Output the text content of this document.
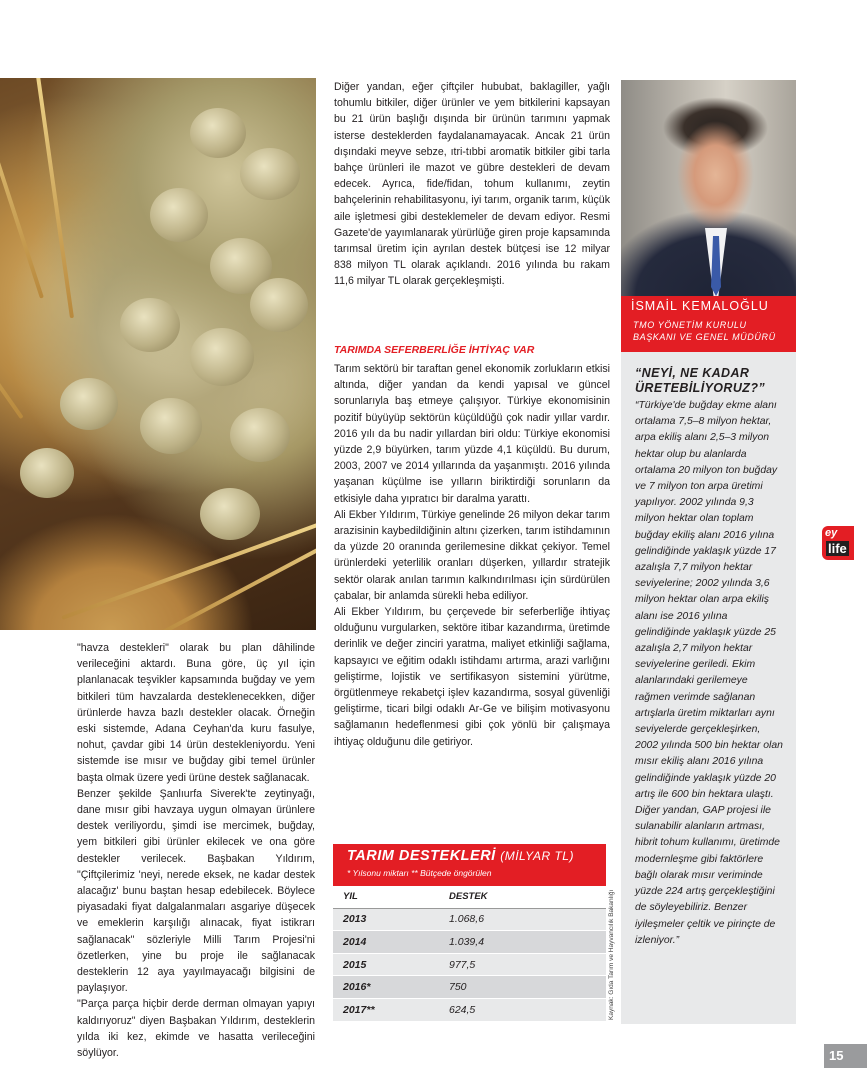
"havza destekleri" olarak bu plan dâhilinde verileceğini aktardı. Buna göre, üç yıl için planlanacak teşvikler kapsamında buğday ve yem bitkileri tüm havzalarda desteklenecekken, diğer ürünlerde havza bazlı destekler olacak. Örneğin eski sistemde, Adana Ceyhan'da kuru fasulye, nohut, çavdar gibi 14 ürün destekleniyordu. Yeni sistemde ise mısır ve buğday gibi temel ürünler başta olmak üzere yedi ürüne destek sağlanacak.

Benzer şekilde Şanlıurfa Siverek'te zeytinyağı, dane mısır gibi havzaya uygun olmayan ürünlere destek veriliyordu, şimdi ise mercimek, buğday, yem bitkileri gibi ürünler ekilecek ve ona göre destekler verilecek. Başbakan Yıldırım, "Çiftçilerimiz 'neyi, nerede eksek, ne kadar destek alacağız' bunu baştan hesap edebilecek. Böylece piyasadaki fiyat dalgalanmaları asgariye düşecek ve emeklerin karşılığı alınacak, fiyat istikrarı sağlanacak" sözleriyle Milli Tarım Projesi'ni özetlerken, yine bu proje ile sağlanacak desteklerin 12 aya yayılmayacağı bilgisini de paylaşıyor.

"Parça parça hiçbir derde derman olmayan yapıyı kaldırıyoruz" diyen Başbakan Yıldırım, desteklerin yılda iki kez, ekimde ve hasatta verileceğini söylüyor.

Diğer yandan, eğer çiftçiler hububat, baklagiller, yağlı tohumlu bitkiler, diğer ürünler ve yem bitkilerini kapsayan bu 21 ürün başlığı dışında bir ürünün tarımını yapmak isterse desteklerden faydalanamayacak. Ancak 21 ürün dışındaki meyve sebze, ıtri-tıbbi aromatik bitkiler gibi tarla bahçe ürünleri ile mazot ve gübre destekleri de devam edecek. Ayrıca, fide/fidan, tohum kullanımı, zeytin bahçelerinin rehabilitasyonu, iyi tarım, organik tarım, küçük aile işletmesi gibi desteklemeler de devam ediyor. Resmi Gazete'de yayımlanarak yürürlüğe giren proje kapsamında tarımsal üretim için ayrılan destek bütçesi ise 12 milyar 838 milyon TL olarak açıklandı. 2016 yılında bu rakam 11,6 milyar TL olarak gerçekleşmişti.

TARIMDA SEFERBERLİĞE İHTİYAÇ VAR

Tarım sektörü bir taraftan genel ekonomik zorlukların etkisi altında, diğer yandan da kendi yapısal ve güncel sorunlarıyla baş etmeye çalışıyor. Türkiye ekonomisinin pozitif büyüyüp sektörün küçüldüğü çok nadir yıllar vardır. 2016 yılı da bu nadir yıllardan biri oldu: Türkiye ekonomisi yüzde 2,9 büyürken, tarım yüzde 4,1 küçüldü. Bu durum, 2003, 2007 ve 2014 yıllarında da yaşanmıştı. 2016 yılında yaşanan küçülme ise yılların biriktirdiği sorunların da etkisiyle daha yıpratıcı bir daralma yarattı.

Ali Ekber Yıldırım, Türkiye genelinde 26 milyon dekar tarım arazisinin kaybedildiğinin altını çizerken, tarım istihdamının da yüzde 20 oranında gerilemesine dikkat çekiyor. Temel ürünlerdeki yeterlilik oranları düşerken, yıllardır stratejik sektör olarak anılan tarımın kalkındırılması için sürdürülen çabalar, bir anlamda sürekli heba ediliyor.

Ali Ekber Yıldırım, bu çerçevede bir seferberliğe ihtiyaç olduğunu vurgularken, sektöre itibar kazandırma, üretimde derinlik ve değer zinciri yaratma, maliyet etkinliği sağlama, kapsayıcı ve eğitim odaklı istihdamı artırma, arazi varlığını geliştirme, lojistik ve sertifikasyon sistemini yürütme, örgütlenmeye rekabetçi işlev kazandırma, sosyal güvenliği geliştirme, ticari bilgi odaklı Ar-Ge ve bilişim motivasyonu sağlamanın hedeflenmesi gibi çok yönlü bir çalışmaya ihtiyaç olduğunu dile getiriyor.

TARIM DESTEKLERİ (MİLYAR TL)
* Yılsonu miktarı ** Bütçede öngörülen
YIL	DESTEK
2013	1.068,6
2014	1.039,4
2015	977,5
2016*	750
2017**	624,5	Kaynak: Gıda Tarım ve Hayvancılık Bakanlığı
İSMAİL KEMALOĞLU
TMO YÖNETİM KURULU
BAŞKANI VE GENEL MÜDÜRÜ
“NEYİ, NE KADAR ÜRETEBİLİYORUZ?”
“Türkiye'de buğday ekme alanı ortalama 7,5–8 milyon hektar, arpa ekiliş alanı 2,5–3 milyon hektar olup bu alanlarda ortalama 20 milyon ton buğday ve 7 milyon ton arpa üretimi yapılıyor. 2002 yılında 9,3 milyon hektar olan toplam buğday ekiliş alanı 2016 yılına gelindiğinde yaklaşık yüzde 17 azalışla 7,7 milyon hektar seviyelerine; 2002 yılında 3,6 milyon hektar olan arpa ekiliş alanı ise 2016 yılına gelindiğinde yaklaşık yüzde 25 azalışla 2,7 milyon hektar seviyelerine geriledi. Ekim alanlarındaki gerilemeye rağmen verimde sağlanan artışlarla üretim miktarları aynı seviyelerde gerçekleşirken, 2002 yılında 500 bin hektar olan mısır ekiliş alanı 2016 yılına gelindiğinde yaklaşık yüzde 20 artış ile 600 bin hektara ulaştı. Diğer yandan, GAP projesi ile sulanabilir alanların artması, hibrit tohum kullanımı, üretimde modernleşme gibi faktörlere bağlı olarak mısır veriminde yüzde 224 artış gerçekleştiğini de söyleyebiliriz. Benzer iyileşmeler çeltik ve pirinçte de izleniyor.”
ey
life
15
